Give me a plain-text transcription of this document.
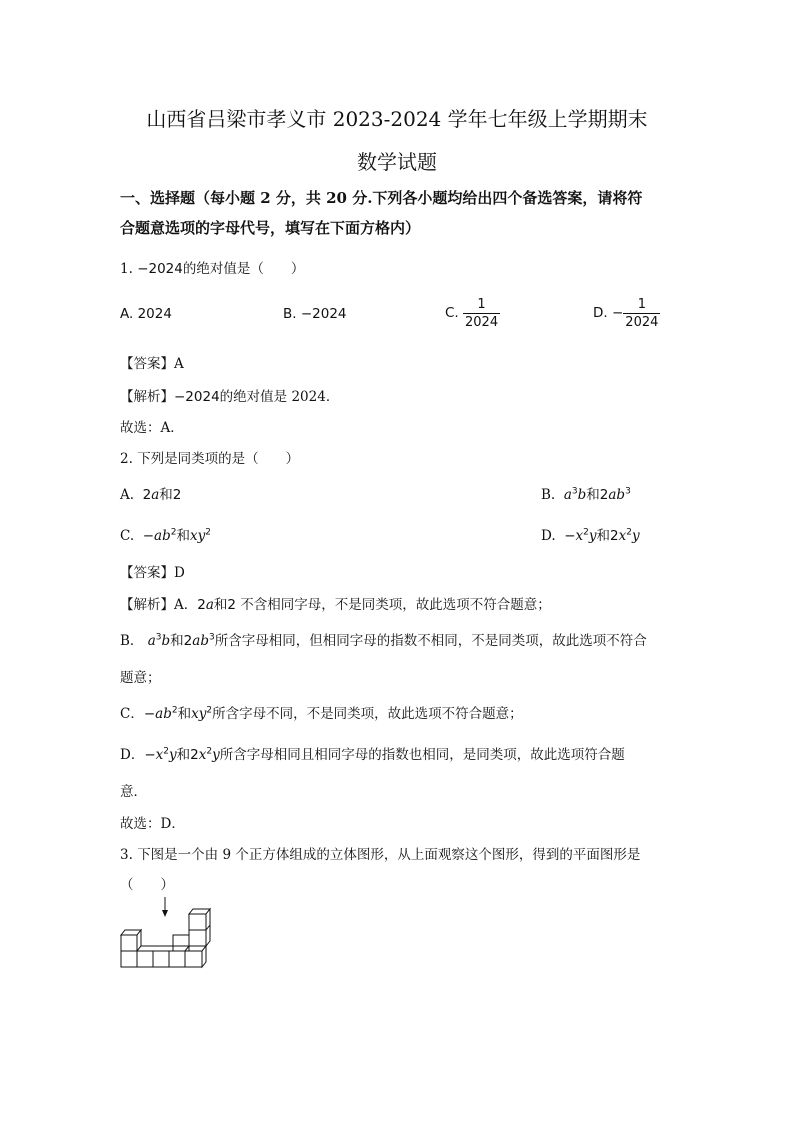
山西省吕梁市孝义市 2023-2024 学年七年级上学期期末
数学试题
一、选择题（每小题 2 分，共 20 分.下列各小题均给出四个备选答案，请将符
合题意选项的字母代号，填写在下面方格内）
1. −2024的绝对值是（　　）
A. 2024	B. −2024	C. $\frac{1}{2024}$	D. − $\frac{1}{2024}$
【答案】A
【解析】−2024的绝对值是 2024．
故选：A．
2. 下列是同类项的是（　　）
A. 2a和2	B. $a^3b$和$2ab^3$
C. $-ab^2$和$xy^2$	D. $-x^2y$和$2x^2y$
【答案】D
【解析】A．2a和2 不含相同字母，不是同类项，故此选项不符合题意；
B． $a^3b$和$2ab^3$所含字母相同，但相同字母的指数不相同，不是同类项，故此选项不符合
题意；
C．$-ab^2$和$xy^2$所含字母不同，不是同类项，故此选项不符合题意；
D．$-x^2y$和$2x^2y$所含字母相同且相同字母的指数也相同，是同类项，故此选项符合题
意．
故选：D．
3. 下图是一个由 9 个正方体组成的立体图形，从上面观察这个图形，得到的平面图形是
（　　）
